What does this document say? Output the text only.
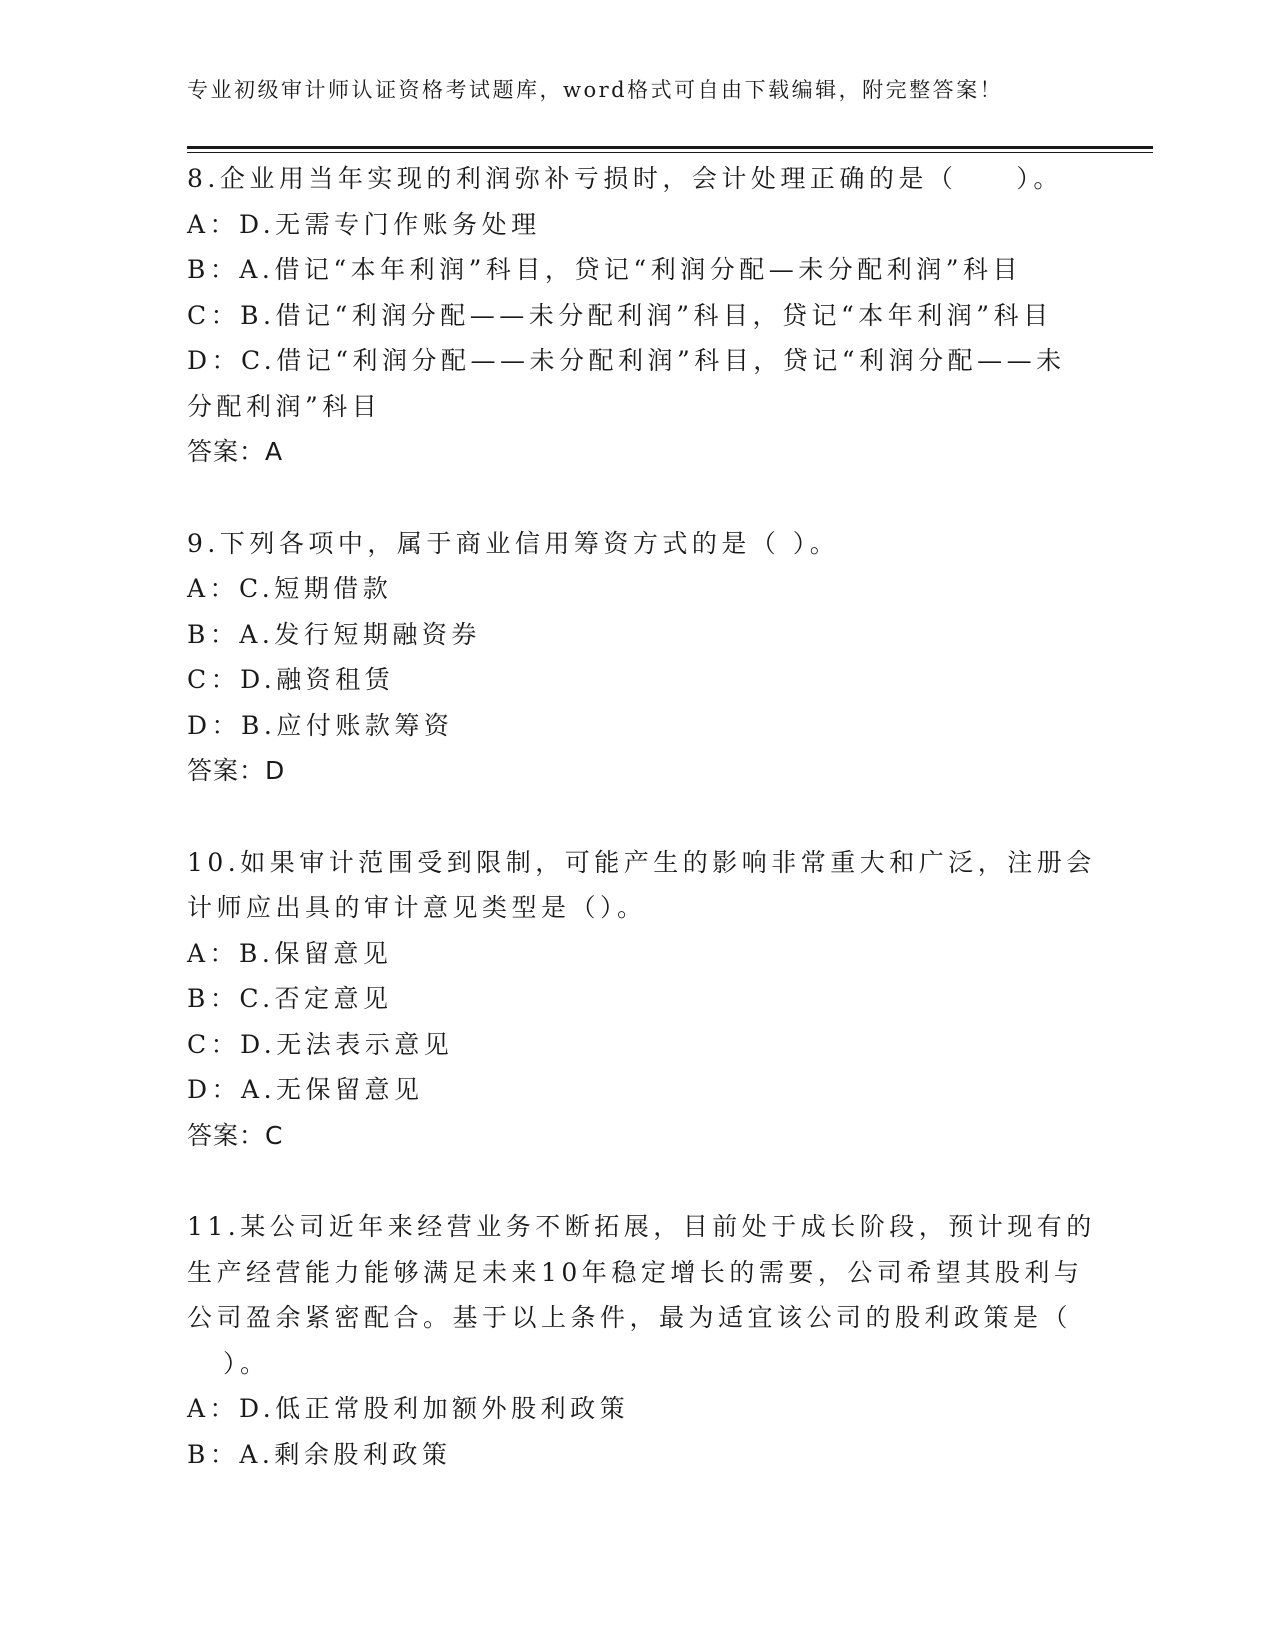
专业初级审计师认证资格考试题库，word格式可自由下载编辑，附完整答案！
8.企业用当年实现的利润弥补亏损时，会计处理正确的是（　　）。
A：D.无需专门作账务处理
B：A.借记“本年利润”科目，贷记“利润分配—未分配利润”科目
C：B.借记“利润分配——未分配利润”科目，贷记“本年利润”科目
D：C.借记“利润分配——未分配利润”科目，贷记“利润分配——未
分配利润”科目
答案：A
9.下列各项中，属于商业信用筹资方式的是（ ）。
A：C.短期借款
B：A.发行短期融资券
C：D.融资租赁
D：B.应付账款筹资
答案：D
10.如果审计范围受到限制，可能产生的影响非常重大和广泛，注册会
计师应出具的审计意见类型是（）。
A：B.保留意见
B：C.否定意见
C：D.无法表示意见
D：A.无保留意见
答案：C
11.某公司近年来经营业务不断拓展，目前处于成长阶段，预计现有的
生产经营能力能够满足未来10年稳定增长的需要，公司希望其股利与
公司盈余紧密配合。基于以上条件，最为适宜该公司的股利政策是（
）。
A：D.低正常股利加额外股利政策
B：A.剩余股利政策
